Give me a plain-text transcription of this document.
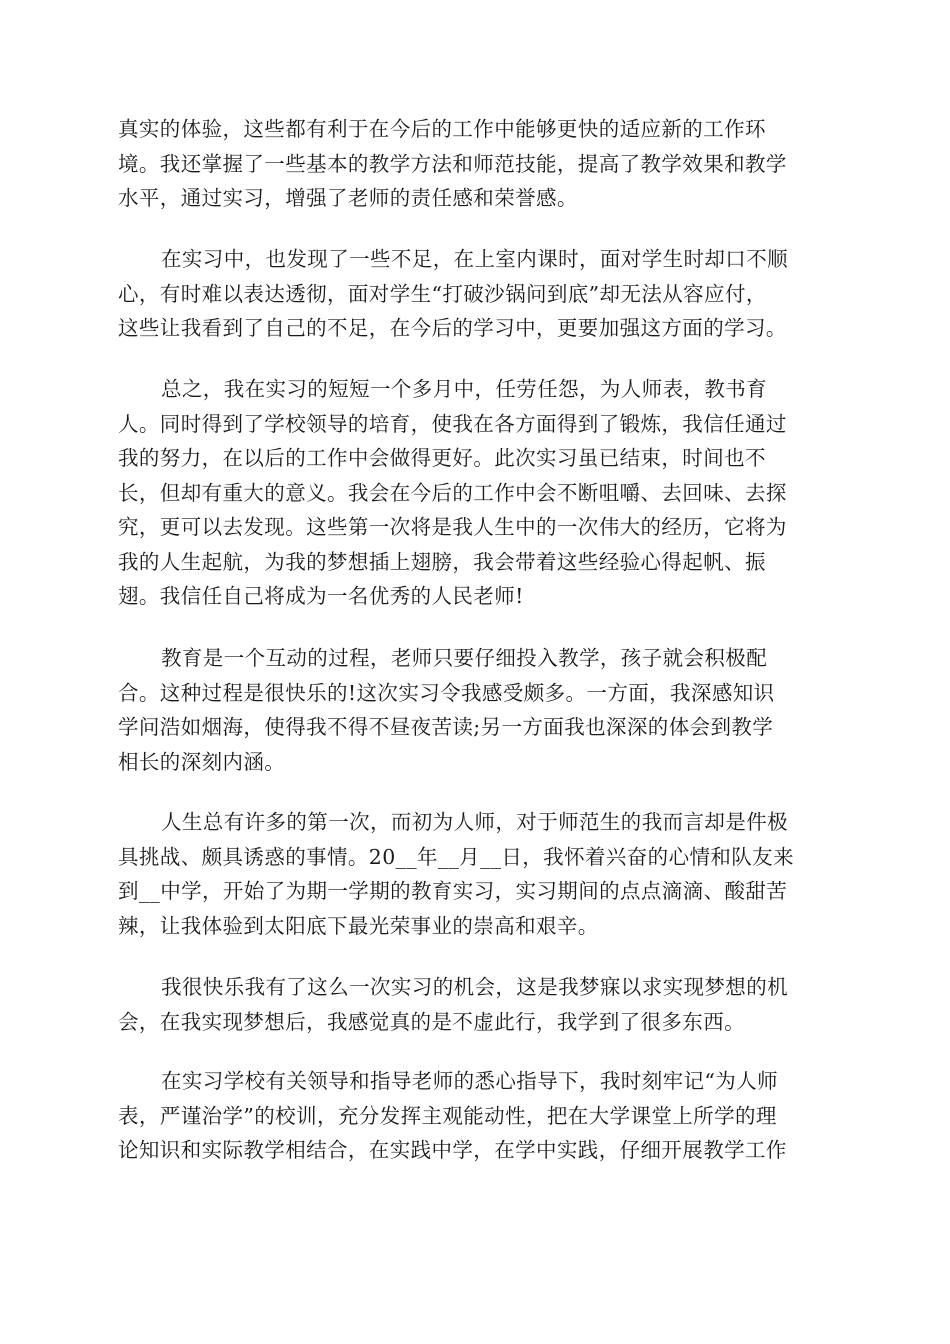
真实的体验，这些都有利于在今后的工作中能够更快的适应新的工作环
境。我还掌握了一些基本的教学方法和师范技能，提高了教学效果和教学
水平，通过实习，增强了老师的责任感和荣誉感。

在实习中，也发现了一些不足，在上室内课时，面对学生时却口不顺
心，有时难以表达透彻，面对学生“打破沙锅问到底”却无法从容应付，
这些让我看到了自己的不足，在今后的学习中，更要加强这方面的学习。

总之，我在实习的短短一个多月中，任劳任怨，为人师表，教书育
人。同时得到了学校领导的培育，使我在各方面得到了锻炼，我信任通过
我的努力，在以后的工作中会做得更好。此次实习虽已结束，时间也不
长，但却有重大的意义。我会在今后的工作中会不断咀嚼、去回味、去探
究，更可以去发现。这些第一次将是我人生中的一次伟大的经历，它将为
我的人生起航，为我的梦想插上翅膀，我会带着这些经验心得起帆、振
翅。我信任自己将成为一名优秀的人民老师!

教育是一个互动的过程，老师只要仔细投入教学，孩子就会积极配
合。这种过程是很快乐的!这次实习令我感受颇多。一方面，我深感知识
学问浩如烟海，使得我不得不昼夜苦读;另一方面我也深深的体会到教学
相长的深刻内涵。

人生总有许多的第一次，而初为人师，对于师范生的我而言却是件极
具挑战、颇具诱惑的事情。20__年__月__日，我怀着兴奋的心情和队友来
到__中学，开始了为期一学期的教育实习，实习期间的点点滴滴、酸甜苦
辣，让我体验到太阳底下最光荣事业的崇高和艰辛。

我很快乐我有了这么一次实习的机会，这是我梦寐以求实现梦想的机
会，在我实现梦想后，我感觉真的是不虚此行，我学到了很多东西。

在实习学校有关领导和指导老师的悉心指导下，我时刻牢记“为人师
表，严谨治学”的校训，充分发挥主观能动性，把在大学课堂上所学的理
论知识和实际教学相结合，在实践中学，在学中实践，仔细开展教学工作
